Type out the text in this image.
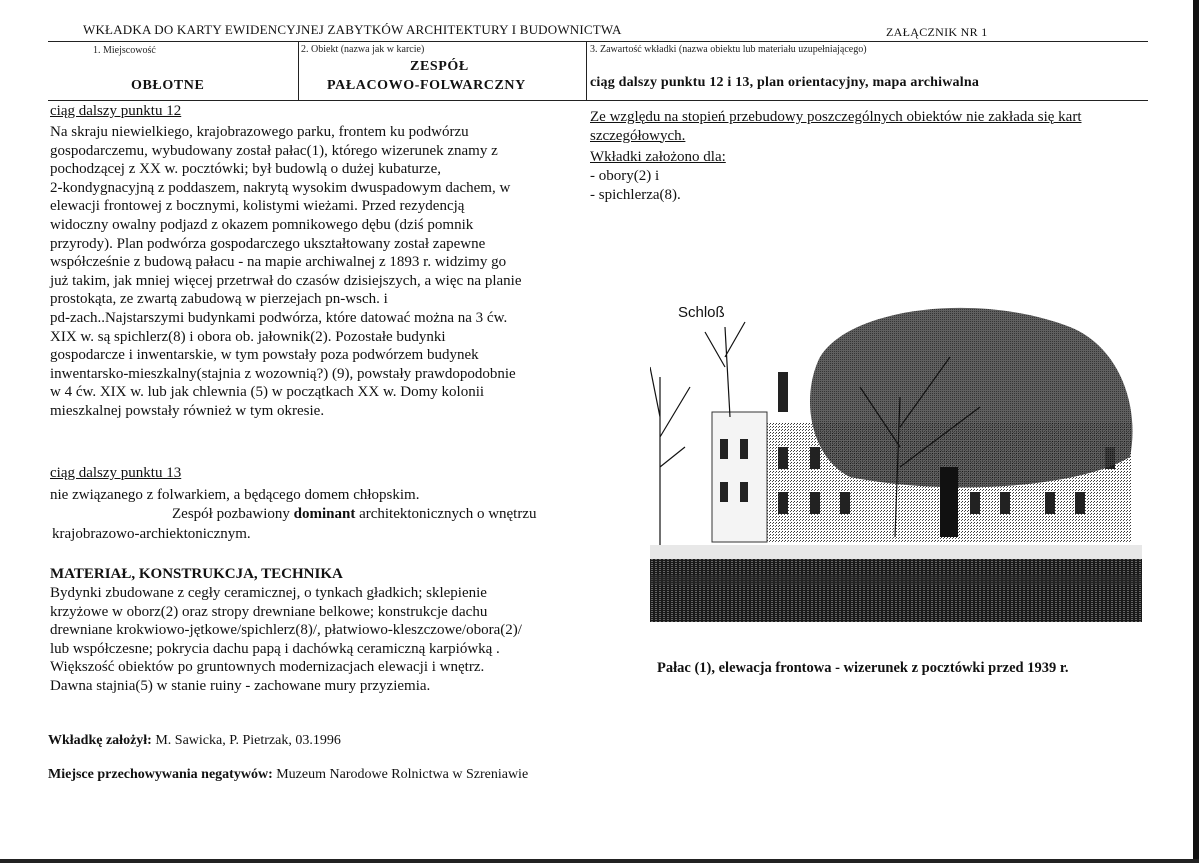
WKŁADKA DO KARTY EWIDENCYJNEJ ZABYTKÓW ARCHITEKTURY I BUDOWNICTWA	ZAŁĄCZNIK NR 1
1. Miejscowość
OBŁOTNE
2. Obiekt (nazwa jak w karcie)
ZESPÓŁ
PAŁACOWO-FOLWARCZNY
3. Zawartość wkładki (nazwa obiektu lub materiału uzupełniającego)
ciąg dalszy punktu 12 i 13, plan orientacyjny, mapa archiwalna
ciąg dalszy punktu 12
Na skraju niewielkiego, krajobrazowego parku, frontem ku podwórzu
gospodarczemu, wybudowany został pałac(1), którego wizerunek znamy z
pochodzącej z XX w. pocztówki; był budowlą o dużej kubaturze,
2-kondygnacyjną z poddaszem, nakrytą wysokim dwuspadowym dachem, w
elewacji frontowej z bocznymi, kolistymi wieżami. Przed rezydencją
widoczny owalny podjazd z okazem pomnikowego dębu (dziś pomnik
przyrody). Plan podwórza gospodarczego ukształtowany został zapewne
współcześnie z budową pałacu - na mapie archiwalnej z 1893 r. widzimy go
już takim, jak mniej więcej przetrwał do czasów dzisiejszych, a więc na planie
prostokąta, ze zwartą zabudową w pierzejach pn-wsch. i
pd-zach..Najstarszymi budynkami podwórza, które datować można na 3 ćw.
XIX w. są spichlerz(8) i obora ob. jałownik(2). Pozostałe budynki
gospodarcze i inwentarskie, w tym powstały poza podwórzem budynek
inwentarsko-mieszkalny(stajnia z wozownią?) (9), powstały prawdopodobnie
w 4 ćw. XIX w. lub jak chlewnia (5) w początkach XX w. Domy kolonii
mieszkalnej powstały również w tym okresie.
ciąg dalszy punktu 13
nie związanego z folwarkiem, a będącego domem chłopskim.
Zespół pozbawiony dominant architektonicznych o wnętrzu
krajobrazowo-archiektonicznym.
MATERIAŁ, KONSTRUKCJA, TECHNIKA
Bydynki zbudowane z cegły ceramicznej, o tynkach gładkich; sklepienie
krzyżowe w oborz(2) oraz stropy drewniane belkowe; konstrukcje dachu
drewniane krokwiowo-jętkowe/spichlerz(8)/, płatwiowo-kleszczowe/obora(2)/
lub współczesne; pokrycia dachu papą i dachówką ceramiczną karpiówką .
Większość obiektów po gruntownych modernizacjach elewacji i wnętrz.
Dawna stajnia(5) w stanie ruiny - zachowane mury przyziemia.
Ze względu na stopień przebudowy poszczególnych obiektów nie zakłada się kart
szczegółowych.
Wkładki założono dla:
- obory(2) i
- spichlerza(8).
Schloß
Pałac (1), elewacja frontowa - wizerunek z pocztówki przed 1939 r.
Wkładkę założył: M. Sawicka, P. Pietrzak, 03.1996
Miejsce przechowywania negatywów: Muzeum Narodowe Rolnictwa w Szreniawie
